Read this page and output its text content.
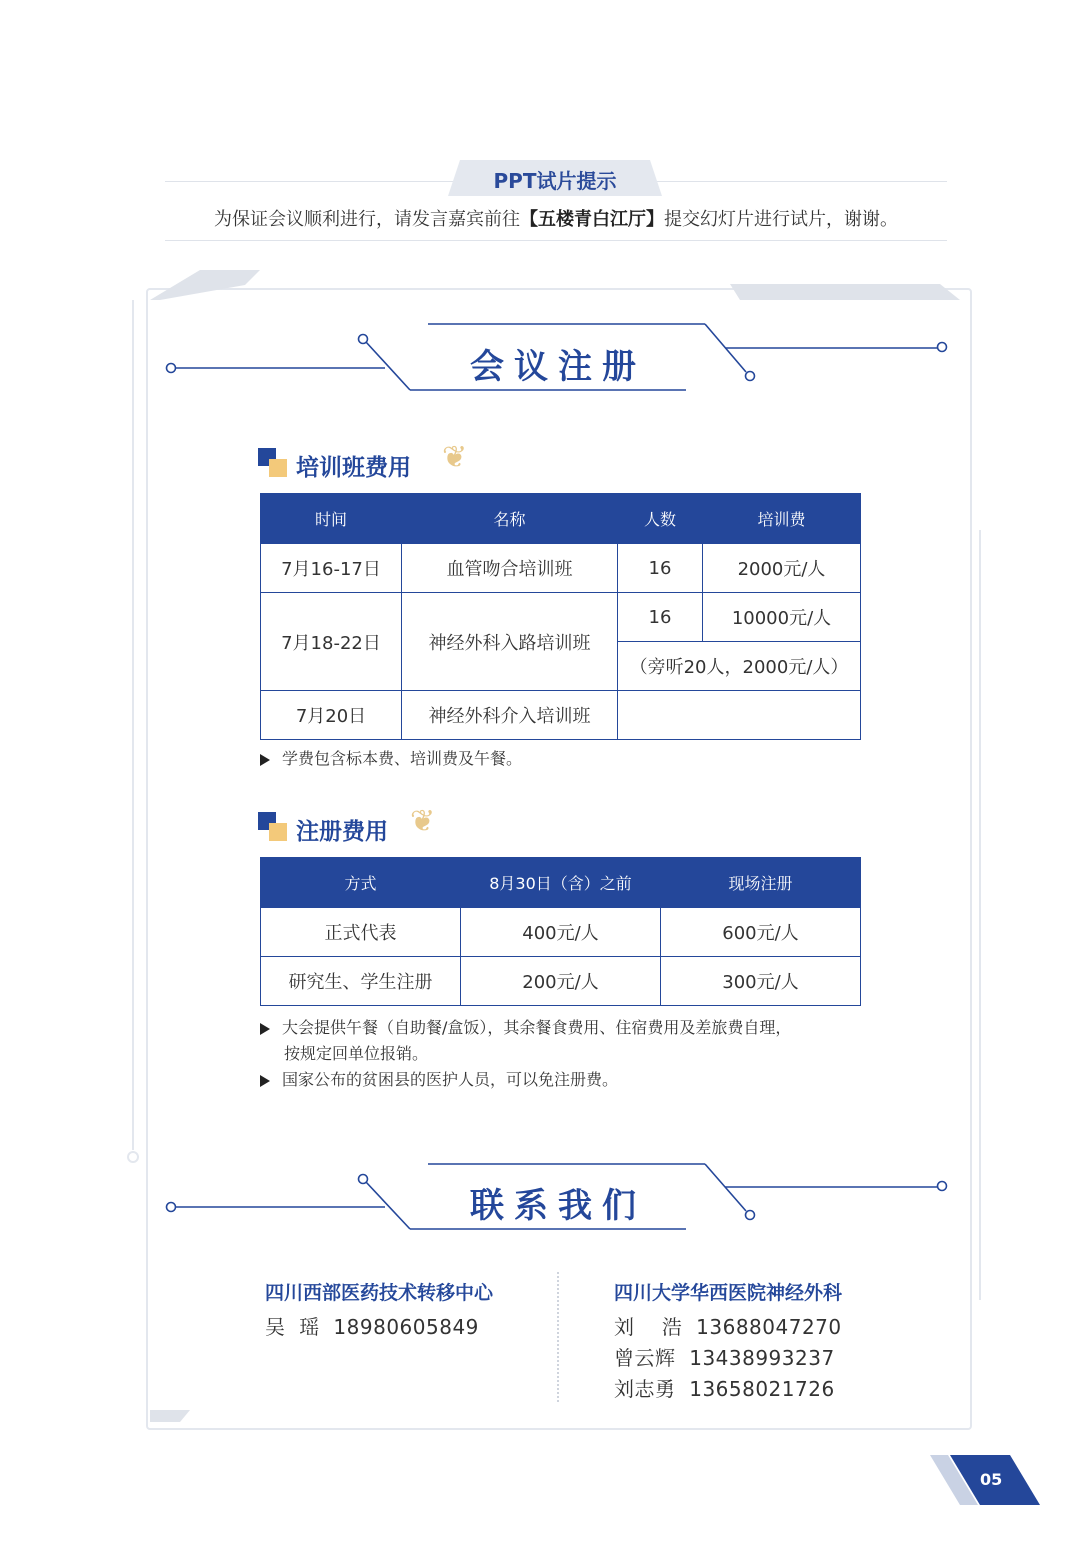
PPT试片提示
为保证会议顺利进行，请发言嘉宾前往【五楼青白江厅】提交幻灯片进行试片，谢谢。
会议注册
培训班费用 ❦
时间	名称	人数	培训费
7月16-17日	血管吻合培训班	16	2000元/人
7月18-22日	神经外科入路培训班	16	10000元/人
		（旁听20人，2000元/人）	
7月20日	神经外科介入培训班		
学费包含标本费、培训费及午餐。
注册费用 ❦
方式	8月30日（含）之前	现场注册
正式代表	400元/人	600元/人
研究生、学生注册	200元/人	300元/人
大会提供午餐（自助餐/盒饭），其余餐食费用、住宿费用及差旅费自理，
按规定回单位报销。
国家公布的贫困县的医护人员，可以免注册费。
联系我们
四川西部医药技术转移中心
吴  瑶  18980605849
四川大学华西医院神经外科
刘    浩  13688047270
曾云辉  13438993237
刘志勇  13658021726
05
